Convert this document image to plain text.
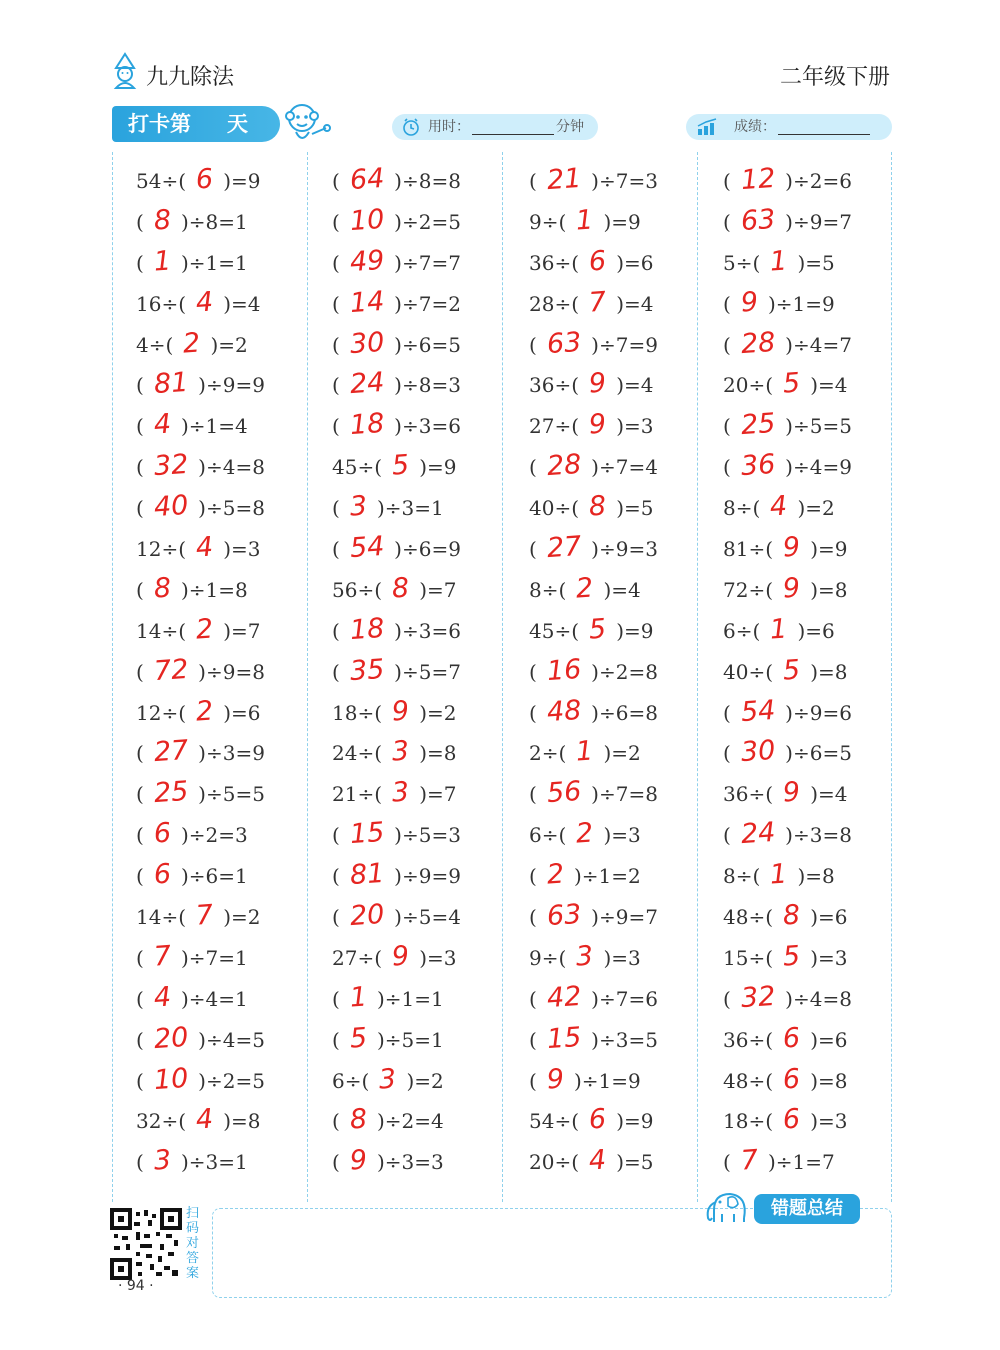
九九除法	二年级下册
打卡第 天	用时：	分钟	成绩：
54÷( 6 )=9
( 8 )÷8=1
( 1 )÷1=1
16÷( 4 )=4
4÷( 2 )=2
( 81 )÷9=9
( 4 )÷1=4
( 32 )÷4=8
( 40 )÷5=8
12÷( 4 )=3
( 8 )÷1=8
14÷( 2 )=7
( 72 )÷9=8
12÷( 2 )=6
( 27 )÷3=9
( 25 )÷5=5
( 6 )÷2=3
( 6 )÷6=1
14÷( 7 )=2
( 7 )÷7=1
( 4 )÷4=1
( 20 )÷4=5
( 10 )÷2=5
32÷( 4 )=8
( 3 )÷3=1
( 64 )÷8=8
( 10 )÷2=5
( 49 )÷7=7
( 14 )÷7=2
( 30 )÷6=5
( 24 )÷8=3
( 18 )÷3=6
45÷( 5 )=9
( 3 )÷3=1
( 54 )÷6=9
56÷( 8 )=7
( 18 )÷3=6
( 35 )÷5=7
18÷( 9 )=2
24÷( 3 )=8
21÷( 3 )=7
( 15 )÷5=3
( 81 )÷9=9
( 20 )÷5=4
27÷( 9 )=3
( 1 )÷1=1
( 5 )÷5=1
6÷( 3 )=2
( 8 )÷2=4
( 9 )÷3=3
( 21 )÷7=3
9÷( 1 )=9
36÷( 6 )=6
28÷( 7 )=4
( 63 )÷7=9
36÷( 9 )=4
27÷( 9 )=3
( 28 )÷7=4
40÷( 8 )=5
( 27 )÷9=3
8÷( 2 )=4
45÷( 5 )=9
( 16 )÷2=8
( 48 )÷6=8
2÷( 1 )=2
( 56 )÷7=8
6÷( 2 )=3
( 2 )÷1=2
( 63 )÷9=7
9÷( 3 )=3
( 42 )÷7=6
( 15 )÷3=5
( 9 )÷1=9
54÷( 6 )=9
20÷( 4 )=5
( 12 )÷2=6
( 63 )÷9=7
5÷( 1 )=5
( 9 )÷1=9
( 28 )÷4=7
20÷( 5 )=4
( 25 )÷5=5
( 36 )÷4=9
8÷( 4 )=2
81÷( 9 )=9
72÷( 9 )=8
6÷( 1 )=6
40÷( 5 )=8
( 54 )÷9=6
( 30 )÷6=5
36÷( 9 )=4
( 24 )÷3=8
8÷( 1 )=8
48÷( 8 )=6
15÷( 5 )=3
( 32 )÷4=8
36÷( 6 )=6
48÷( 6 )=8
18÷( 6 )=3
( 7 )÷1=7
扫码对答案
· 94 ·
错题总结
